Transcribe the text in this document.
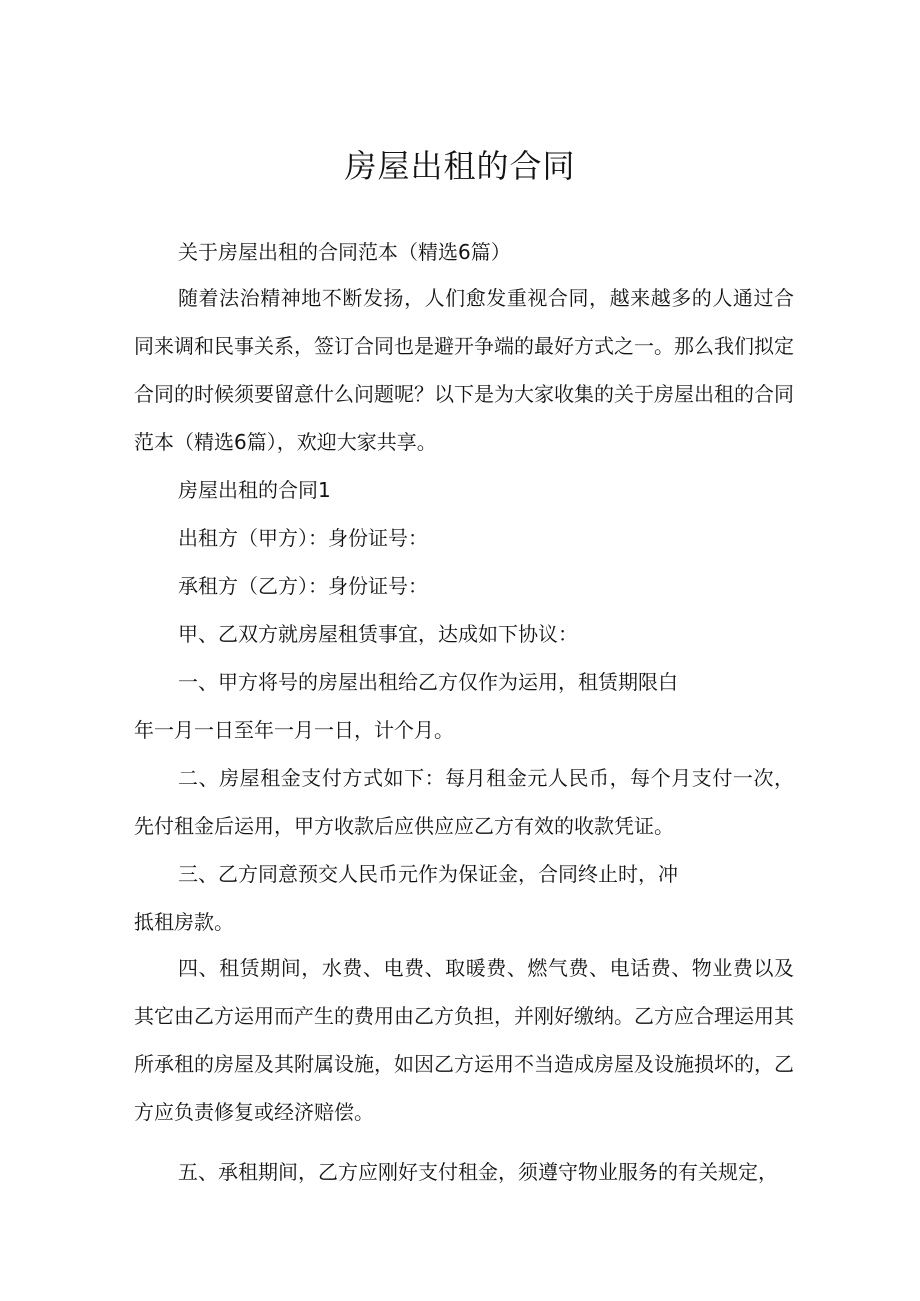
房屋出租的合同

关于房屋出租的合同范本（精选6篇）

随着法治精神地不断发扬，人们愈发重视合同，越来越多的人通过合同来调和民事关系，签订合同也是避开争端的最好方式之一。那么我们拟定合同的时候须要留意什么问题呢？以下是为大家收集的关于房屋出租的合同范本（精选6篇），欢迎大家共享。

房屋出租的合同1

出租方（甲方）：身份证号：

承租方（乙方）：身份证号：

甲、乙双方就房屋租赁事宜，达成如下协议：

一、甲方将号的房屋出租给乙方仅作为运用，租赁期限白

年一月一日至年一月一日，计个月。

二、房屋租金支付方式如下：每月租金元人民币，每个月支付一次，先付租金后运用，甲方收款后应供应应乙方有效的收款凭证。

三、乙方同意预交人民币元作为保证金，合同终止时，冲

抵租房款。

四、租赁期间，水费、电费、取暖费、燃气费、电话费、物业费以及其它由乙方运用而产生的费用由乙方负担，并刚好缴纳。乙方应合理运用其所承租的房屋及其附属设施，如因乙方运用不当造成房屋及设施损坏的，乙方应负责修复或经济赔偿。

五、承租期间，乙方应刚好支付租金，须遵守物业服务的有关规定，
